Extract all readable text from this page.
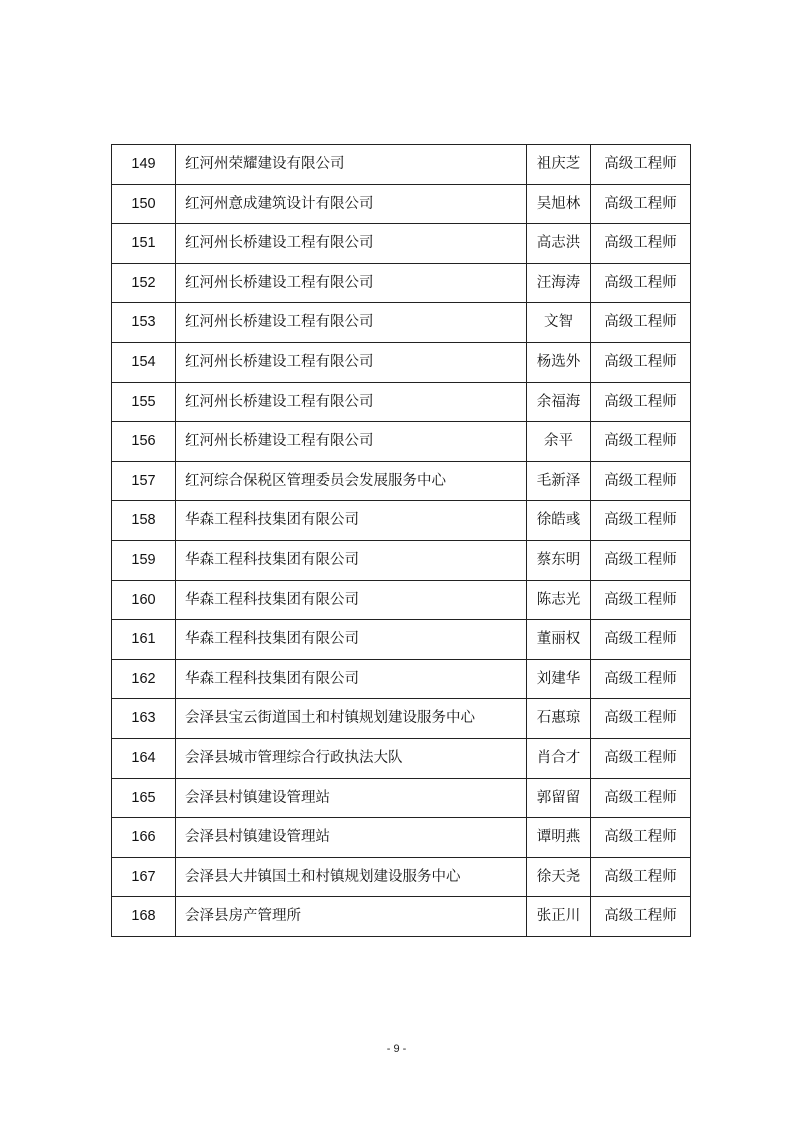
149	红河州荣耀建设有限公司	祖庆芝	高级工程师
150	红河州意成建筑设计有限公司	吴旭林	高级工程师
151	红河州长桥建设工程有限公司	高志洪	高级工程师
152	红河州长桥建设工程有限公司	汪海涛	高级工程师
153	红河州长桥建设工程有限公司	文智	高级工程师
154	红河州长桥建设工程有限公司	杨选外	高级工程师
155	红河州长桥建设工程有限公司	余福海	高级工程师
156	红河州长桥建设工程有限公司	余平	高级工程师
157	红河综合保税区管理委员会发展服务中心	毛新泽	高级工程师
158	华森工程科技集团有限公司	徐皓彧	高级工程师
159	华森工程科技集团有限公司	蔡东明	高级工程师
160	华森工程科技集团有限公司	陈志光	高级工程师
161	华森工程科技集团有限公司	董丽权	高级工程师
162	华森工程科技集团有限公司	刘建华	高级工程师
163	会泽县宝云街道国土和村镇规划建设服务中心	石惠琼	高级工程师
164	会泽县城市管理综合行政执法大队	肖合才	高级工程师
165	会泽县村镇建设管理站	郭留留	高级工程师
166	会泽县村镇建设管理站	谭明燕	高级工程师
167	会泽县大井镇国土和村镇规划建设服务中心	徐天尧	高级工程师
168	会泽县房产管理所	张正川	高级工程师
- 9 -
